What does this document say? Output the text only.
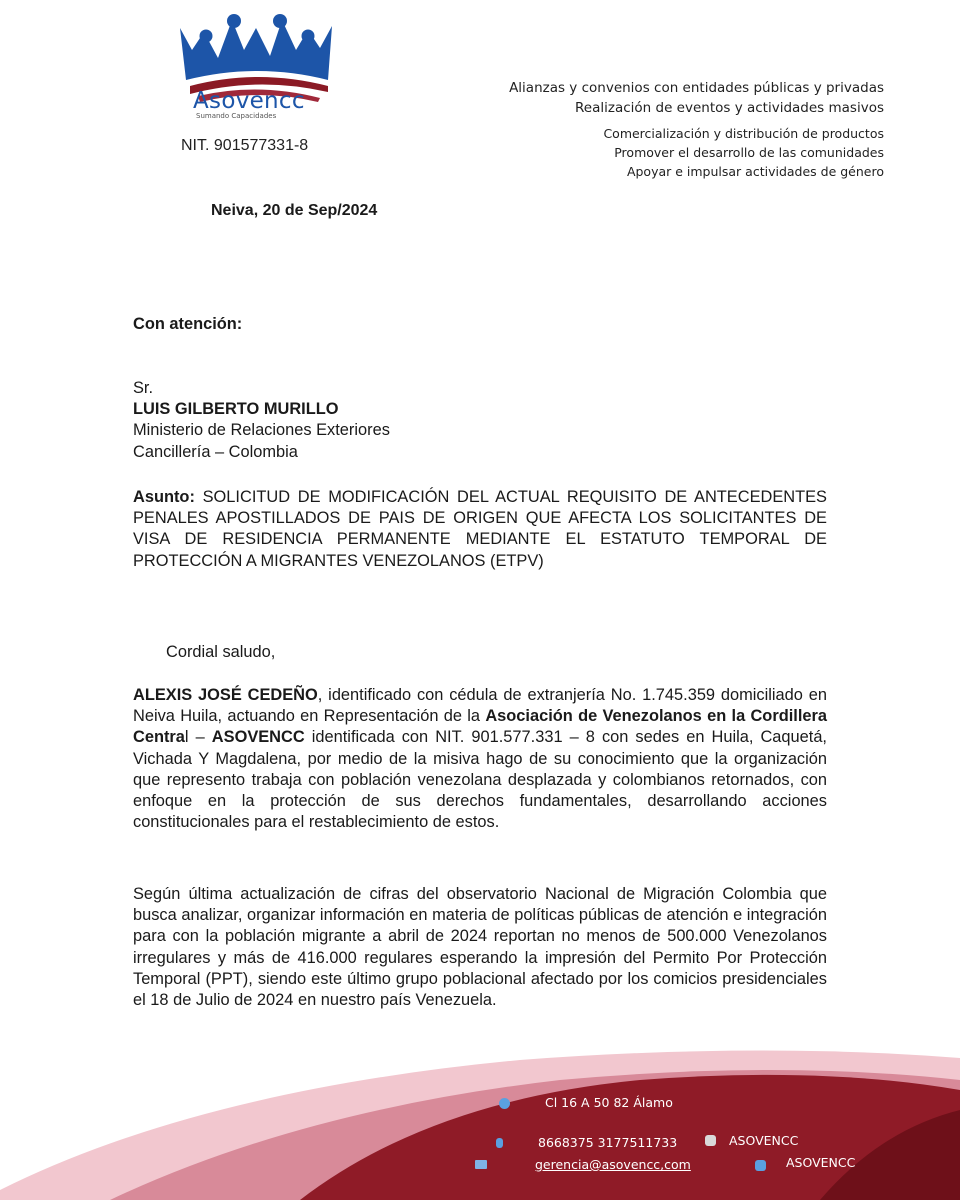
Asovencc
Sumando Capacidades
NIT. 901577331-8
Alianzas y convenios con entidades públicas y privadas
Realización de eventos y actividades masivos
Comercialización y distribución de productos
Promover el desarrollo de las comunidades
Apoyar e impulsar actividades de género
Neiva, 20 de Sep/2024
Con atención:
Sr.
LUIS GILBERTO MURILLO
Ministerio de Relaciones Exteriores
Cancillería – Colombia

Asunto: SOLICITUD DE MODIFICACIÓN DEL ACTUAL REQUISITO DE ANTECEDENTES PENALES APOSTILLADOS DE PAIS DE ORIGEN QUE AFECTA LOS SOLICITANTES DE VISA DE RESIDENCIA PERMANENTE MEDIANTE EL ESTATUTO TEMPORAL DE PROTECCIÓN A MIGRANTES VENEZOLANOS (ETPV)

Cordial saludo,

ALEXIS JOSÉ CEDEÑO, identificado con cédula de extranjería No. 1.745.359 domiciliado en Neiva Huila, actuando en Representación de la Asociación de Venezolanos en la Cordillera Central – ASOVENCC identificada con NIT. 901.577.331 – 8 con sedes en Huila, Caquetá, Vichada Y Magdalena, por medio de la misiva hago de su conocimiento que la organización que represento trabaja con población venezolana desplazada y colombianos retornados, con enfoque en la protección de sus derechos fundamentales, desarrollando acciones constitucionales para el restablecimiento de estos.

Según última actualización de cifras del observatorio Nacional de Migración Colombia que busca analizar, organizar información en materia de políticas públicas de atención e integración para con la población migrante a abril de 2024 reportan no menos de 500.000 Venezolanos irregulares y más de 416.000 regulares esperando la impresión del Permito Por Protección Temporal (PPT), siendo este último grupo poblacional afectado por los comicios presidenciales el 18 de Julio de 2024 en nuestro país Venezuela.

Cl 16 A 50 82 Álamo
8668375 3177511733	ASOVENCC
gerencia@asovencc,com	ASOVENCC
